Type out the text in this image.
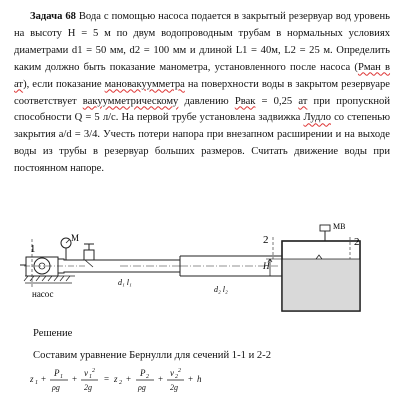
Задача 68 Вода с помощью насоса подается в закрытый резервуар вод уровень на высоту H = 5 м по двум водопроводным трубам в нормальных условиях диаметрами d1 = 50 мм, d2 = 100 мм и длиной L1 = 40м, L2 = 25 м. Определить каким должно быть показание манометра, установленного после насоса (Рман в ат), если показание мановакуумметра на поверхности воды в закрытом резервуаре соответствует вакуумметрическому давлению Рвак = 0,25 ат при пропускной способности Q = 5 л/с. На первой трубе установлена задвижка Лудло со степенью закрытия a/d = 3/4. Учесть потери напора при внезапном расширении и на выходе воды из трубы в резервуар больших размеров. Считать движение воды при постоянном напоре.
1
M
насос
d₁ l₁
d₂ l₂
H
2	2
МВ
Решение
Составим уравнение Бернулли для сечений 1-1 и 2-2
z 1 +
P 1
ρg
+
v 1
2
2g
= z 2 +
P 2
ρg
+
v 2
2
2g
+ h
